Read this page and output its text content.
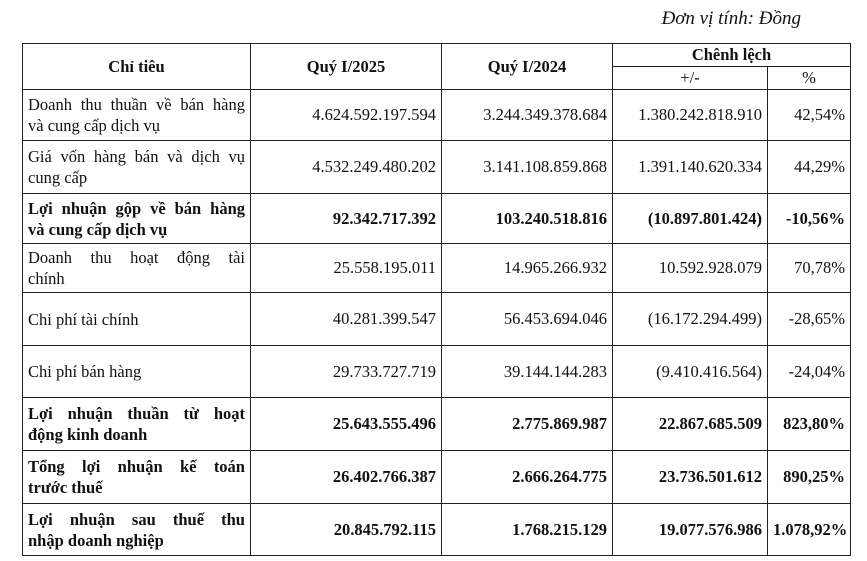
Đơn vị tính: Đồng
Chỉ tiêu	Quý I/2025	Quý I/2024	Chênh lệch	
			+/-	%

Doanh thu thuần về bán hàng
và cung cấp dịch vụ	4.624.592.197.594	3.244.349.378.684	1.380.242.818.910	42,54%

Giá vốn hàng bán và dịch vụ
cung cấp	4.532.249.480.202	3.141.108.859.868	1.391.140.620.334	44,29%

Lợi nhuận gộp về bán hàng
và cung cấp dịch vụ	92.342.717.392	103.240.518.816	(10.897.801.424)	-10,56%

Doanh thu hoạt động tài
chính	25.558.195.011	14.965.266.932	10.592.928.079	70,78%
Chi phí tài chính	40.281.399.547	56.453.694.046	(16.172.294.499)	-28,65%
Chi phí bán hàng	29.733.727.719	39.144.144.283	(9.410.416.564)	-24,04%

Lợi nhuận thuần từ hoạt
động kinh doanh	25.643.555.496	2.775.869.987	22.867.685.509	823,80%

Tổng lợi nhuận kế toán
trước thuế	26.402.766.387	2.666.264.775	23.736.501.612	890,25%

Lợi nhuận sau thuế thu
nhập doanh nghiệp	20.845.792.115	1.768.215.129	19.077.576.986	1.078,92%
